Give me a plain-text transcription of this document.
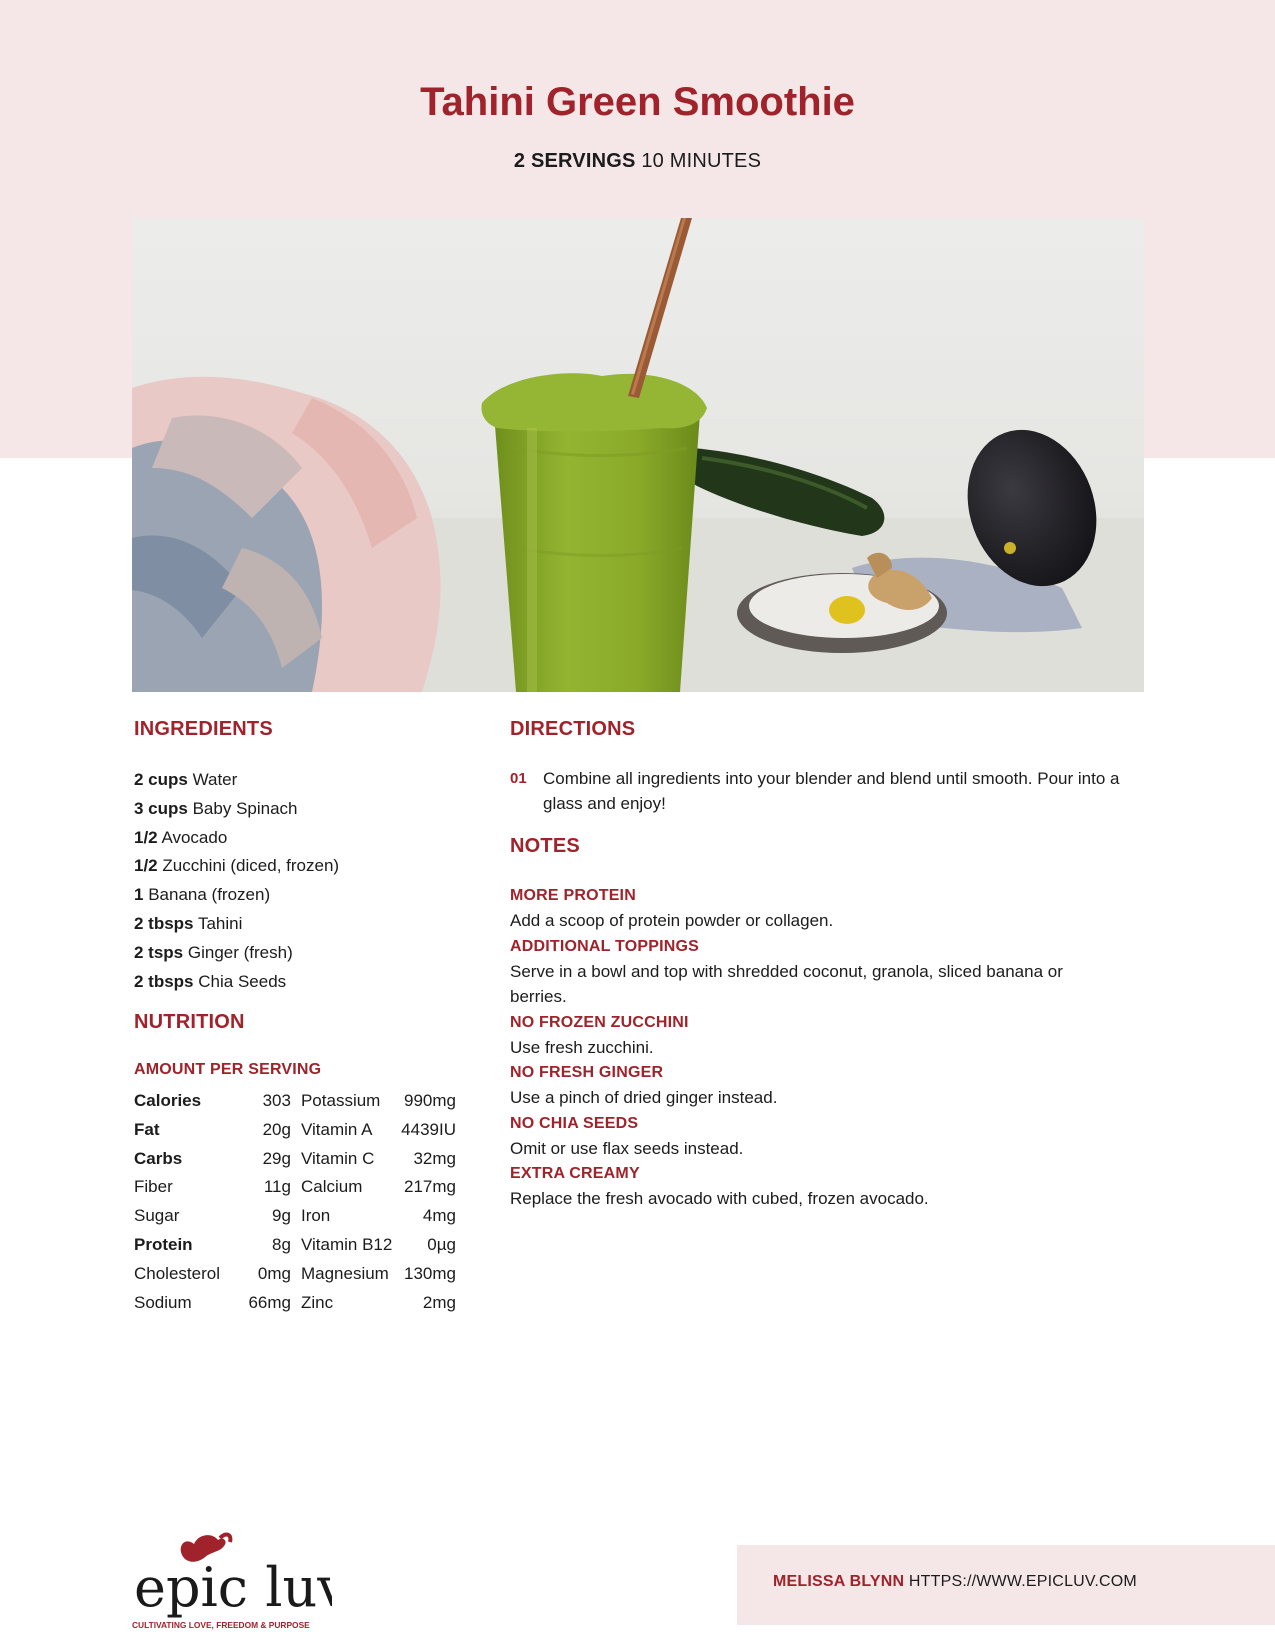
Tahini Green Smoothie
2 SERVINGS 10 MINUTES
INGREDIENTS
2 cups Water
3 cups Baby Spinach
1/2 Avocado
1/2 Zucchini (diced, frozen)
1 Banana (frozen)
2 tbsps Tahini
2 tsps Ginger (fresh)
2 tbsps Chia Seeds
NUTRITION
AMOUNT PER SERVING
Calories	303 Potassium	990mg
Fat	20g Vitamin A	4439IU
Carbs	29g Vitamin C	32mg
Fiber	11g Calcium	217mg
Sugar	9g Iron	4mg
Protein	8g Vitamin B12	0µg
Cholesterol	0mg Magnesium 130mg
Sodium	66mg Zinc	2mg
DIRECTIONS
01 Combine all ingredients into your blender and blend until smooth. Pour into a glass and enjoy!
NOTES
MORE PROTEIN
Add a scoop of protein powder or collagen.
ADDITIONAL TOPPINGS
Serve in a bowl and top with shredded coconut, granola, sliced banana or berries.
NO FROZEN ZUCCHINI
Use fresh zucchini.
NO FRESH GINGER
Use a pinch of dried ginger instead.
NO CHIA SEEDS
Omit or use flax seeds instead.
EXTRA CREAMY
Replace the fresh avocado with cubed, frozen avocado.
epic luv
CULTIVATING LOVE, FREEDOM & PURPOSE
MELISSA BLYNN HTTPS://WWW.EPICLUV.COM
